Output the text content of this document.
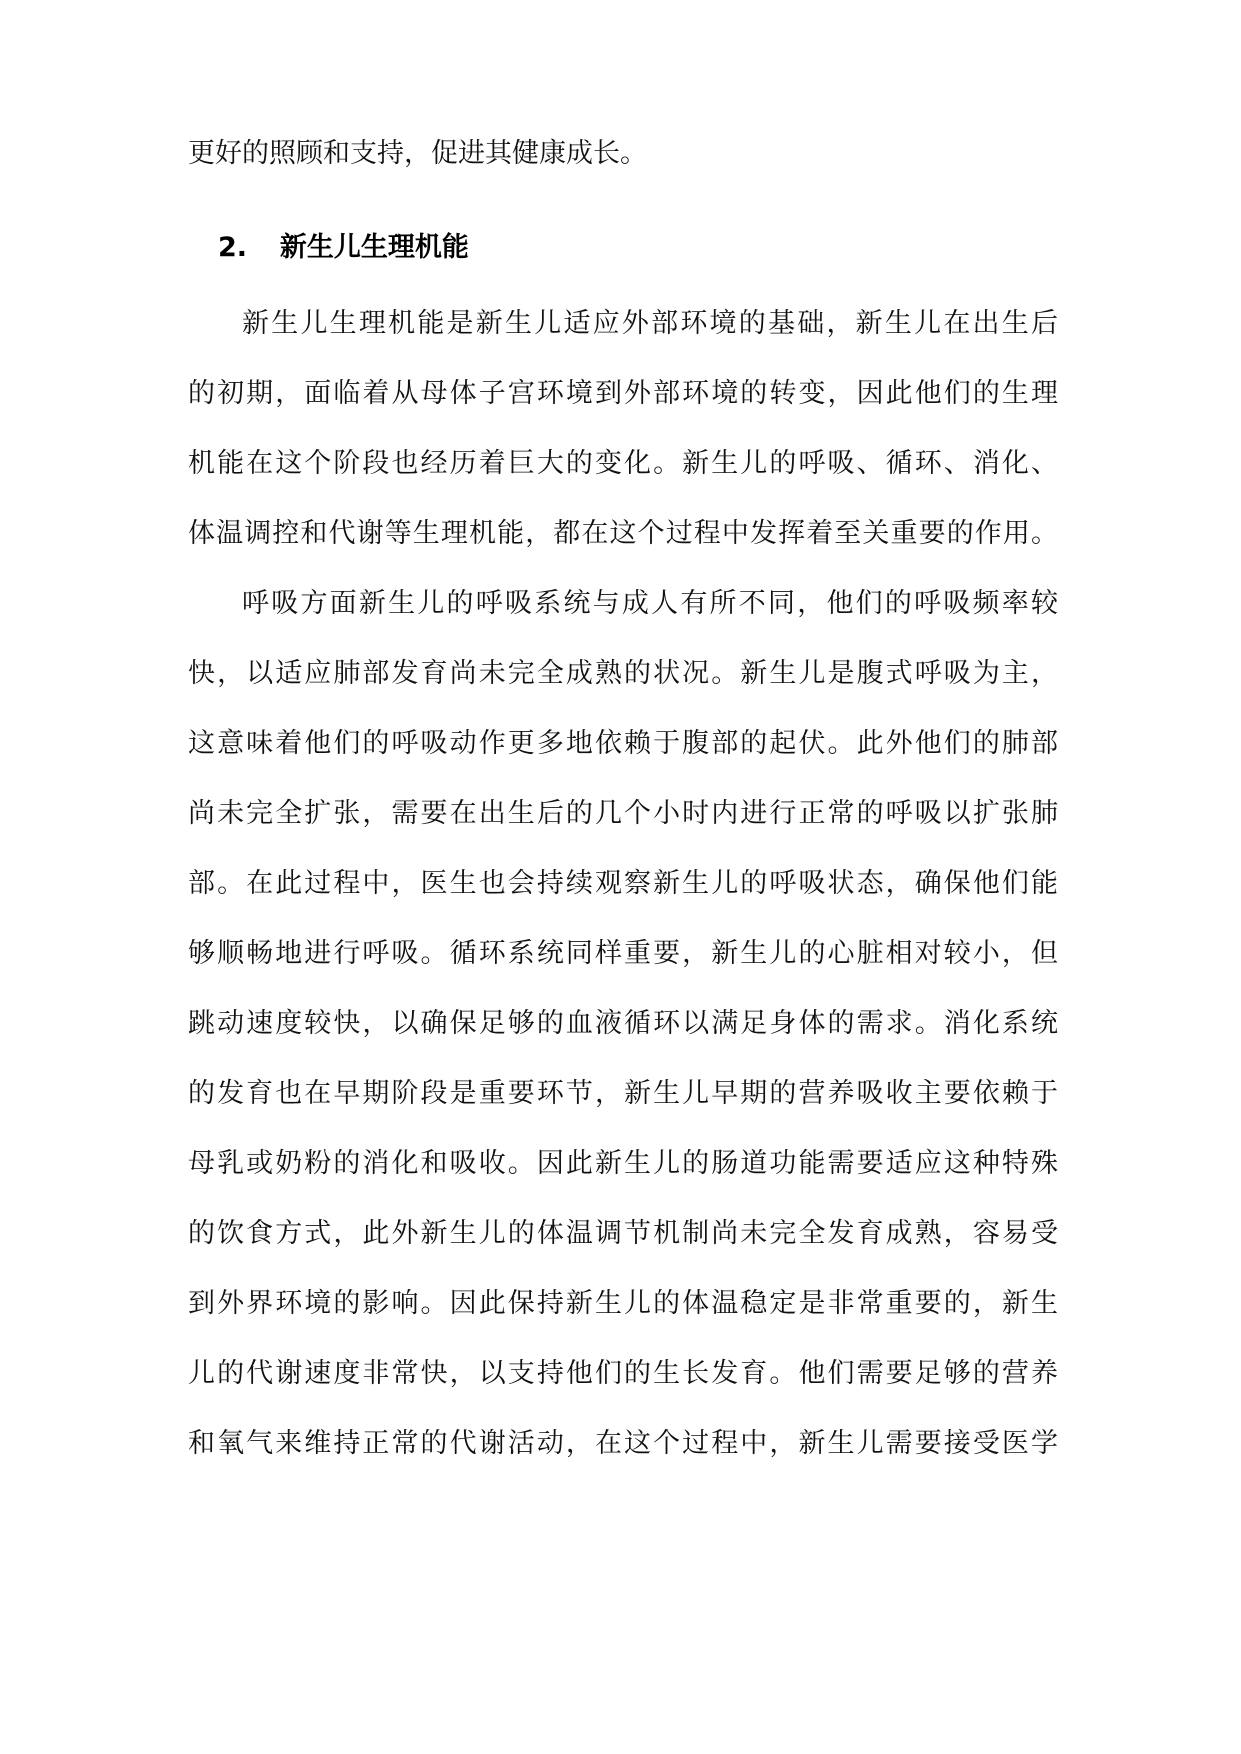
更好的照顾和支持，促进其健康成长。
2. 新生儿生理机能
新生儿生理机能是新生儿适应外部环境的基础，新生儿在出生后
的初期，面临着从母体子宫环境到外部环境的转变，因此他们的生理
机能在这个阶段也经历着巨大的变化。新生儿的呼吸、循环、消化、
体温调控和代谢等生理机能，都在这个过程中发挥着至关重要的作用。
呼吸方面新生儿的呼吸系统与成人有所不同，他们的呼吸频率较
快，以适应肺部发育尚未完全成熟的状况。新生儿是腹式呼吸为主，
这意味着他们的呼吸动作更多地依赖于腹部的起伏。此外他们的肺部
尚未完全扩张，需要在出生后的几个小时内进行正常的呼吸以扩张肺
部。在此过程中，医生也会持续观察新生儿的呼吸状态，确保他们能
够顺畅地进行呼吸。循环系统同样重要，新生儿的心脏相对较小，但
跳动速度较快，以确保足够的血液循环以满足身体的需求。消化系统
的发育也在早期阶段是重要环节，新生儿早期的营养吸收主要依赖于
母乳或奶粉的消化和吸收。因此新生儿的肠道功能需要适应这种特殊
的饮食方式，此外新生儿的体温调节机制尚未完全发育成熟，容易受
到外界环境的影响。因此保持新生儿的体温稳定是非常重要的，新生
儿的代谢速度非常快，以支持他们的生长发育。他们需要足够的营养
和氧气来维持正常的代谢活动，在这个过程中，新生儿需要接受医学
